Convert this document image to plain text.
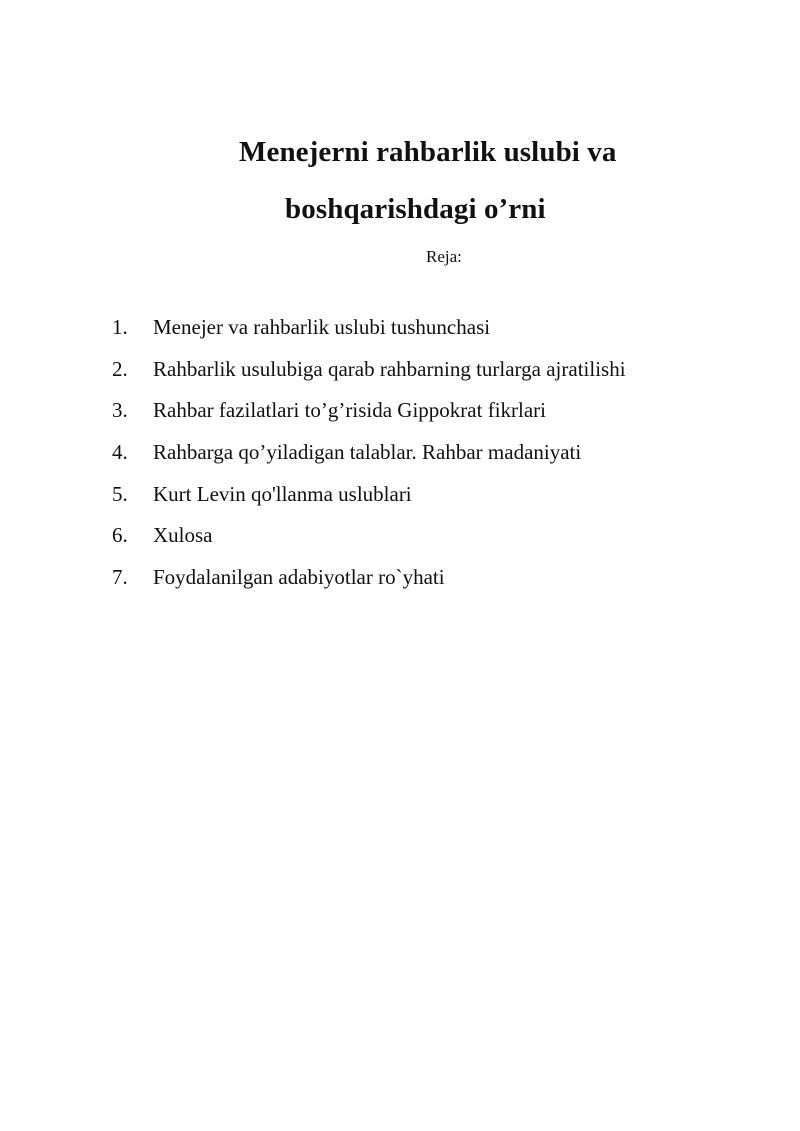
Menejerni rahbarlik uslubi va
boshqarishdagi o’rni
Reja:
1.	Menejer va rahbarlik uslubi tushunchasi
2.	Rahbarlik usulubiga qarab rahbarning turlarga ajratilishi
3.	Rahbar fazilatlari to’g’risida Gippokrat fikrlari
4.	Rahbarga qo’yiladigan talablar. Rahbar madaniyati
5.	Kurt Levin qo'llanma uslublari
6.	Xulosa
7.	Foydalanilgan adabiyotlar ro`yhati
